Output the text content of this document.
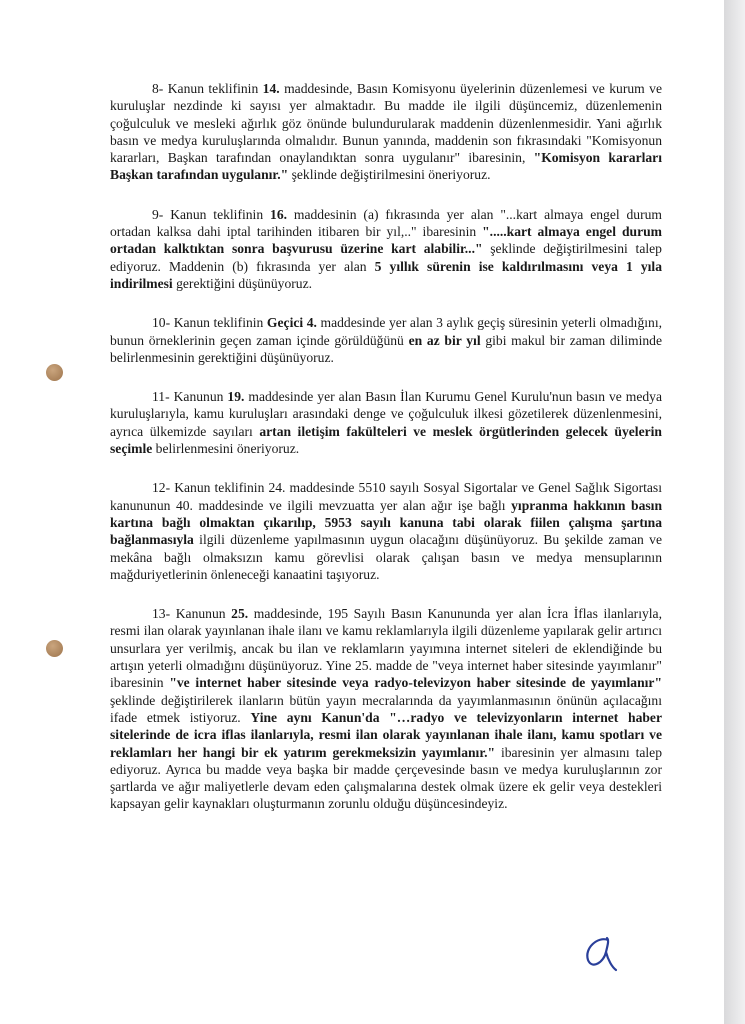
8- Kanun teklifinin 14. maddesinde, Basın Komisyonu üyelerinin düzenlemesi ve kurum ve kuruluşlar nezdinde ki sayısı yer almaktadır. Bu madde ile ilgili düşüncemiz, düzenlemenin çoğulculuk ve mesleki ağırlık göz önünde bulundurularak maddenin düzenlenmesidir. Yani ağırlık basın ve medya kuruluşlarında olmalıdır. Bunun yanında, maddenin son fıkrasındaki "Komisyonun kararları, Başkan tarafından onaylandıktan sonra uygulanır" ibaresinin, "Komisyon kararları Başkan tarafından uygulanır." şeklinde değiştirilmesini öneriyoruz.

9- Kanun teklifinin 16. maddesinin (a) fıkrasında yer alan "...kart almaya engel durum ortadan kalksa dahi iptal tarihinden itibaren bir yıl,.." ibaresinin ".....kart almaya engel durum ortadan kalktıktan sonra başvurusu üzerine kart alabilir..." şeklinde değiştirilmesini talep ediyoruz. Maddenin (b) fıkrasında yer alan 5 yıllık sürenin ise kaldırılmasını veya 1 yıla indirilmesi gerektiğini düşünüyoruz.

10- Kanun teklifinin Geçici 4. maddesinde yer alan 3 aylık geçiş süresinin yeterli olmadığını, bunun örneklerinin geçen zaman içinde görüldüğünü en az bir yıl gibi makul bir zaman diliminde belirlenmesinin gerektiğini düşünüyoruz.

11- Kanunun 19. maddesinde yer alan Basın İlan Kurumu Genel Kurulu'nun basın ve medya kuruluşlarıyla, kamu kuruluşları arasındaki denge ve çoğulculuk ilkesi gözetilerek düzenlenmesini, ayrıca ülkemizde sayıları artan iletişim fakülteleri ve meslek örgütlerinden gelecek üyelerin seçimle belirlenmesini öneriyoruz.

12- Kanun teklifinin 24. maddesinde 5510 sayılı Sosyal Sigortalar ve Genel Sağlık Sigortası kanununun 40. maddesinde ve ilgili mevzuatta yer alan ağır işe bağlı yıpranma hakkının basın kartına bağlı olmaktan çıkarılıp, 5953 sayılı kanuna tabi olarak fiilen çalışma şartına bağlanmasıyla ilgili düzenleme yapılmasının uygun olacağını düşünüyoruz. Bu şekilde zaman ve mekâna bağlı olmaksızın kamu görevlisi olarak çalışan basın ve medya mensuplarının mağduriyetlerinin önleneceği kanaatini taşıyoruz.

13- Kanunun 25. maddesinde, 195 Sayılı Basın Kanununda yer alan İcra İflas ilanlarıyla, resmi ilan olarak yayınlanan ihale ilanı ve kamu reklamlarıyla ilgili düzenleme yapılarak gelir artırıcı unsurlara yer verilmiş, ancak bu ilan ve reklamların yayımına internet siteleri de eklendiğinde bu artışın yeterli olmadığını düşünüyoruz. Yine 25. madde de "veya internet haber sitesinde yayımlanır" ibaresinin "ve internet haber sitesinde veya radyo-televizyon haber sitesinde de yayımlanır" şeklinde değiştirilerek ilanların bütün yayın mecralarında da yayımlanmasının önünün açılacağını ifade etmek istiyoruz. Yine aynı Kanun'da "…radyo ve televizyonların internet haber sitelerinde de icra iflas ilanlarıyla, resmi ilan olarak yayınlanan ihale ilanı, kamu spotları ve reklamları her hangi bir ek yatırım gerekmeksizin yayımlanır." ibaresinin yer almasını talep ediyoruz. Ayrıca bu madde veya başka bir madde çerçevesinde basın ve medya kuruluşlarının zor şartlarda ve ağır maliyetlerle devam eden çalışmalarına destek olmak üzere ek gelir veya destekleri kapsayan gelir kaynakları oluşturmanın zorunlu olduğu düşüncesindeyiz.
